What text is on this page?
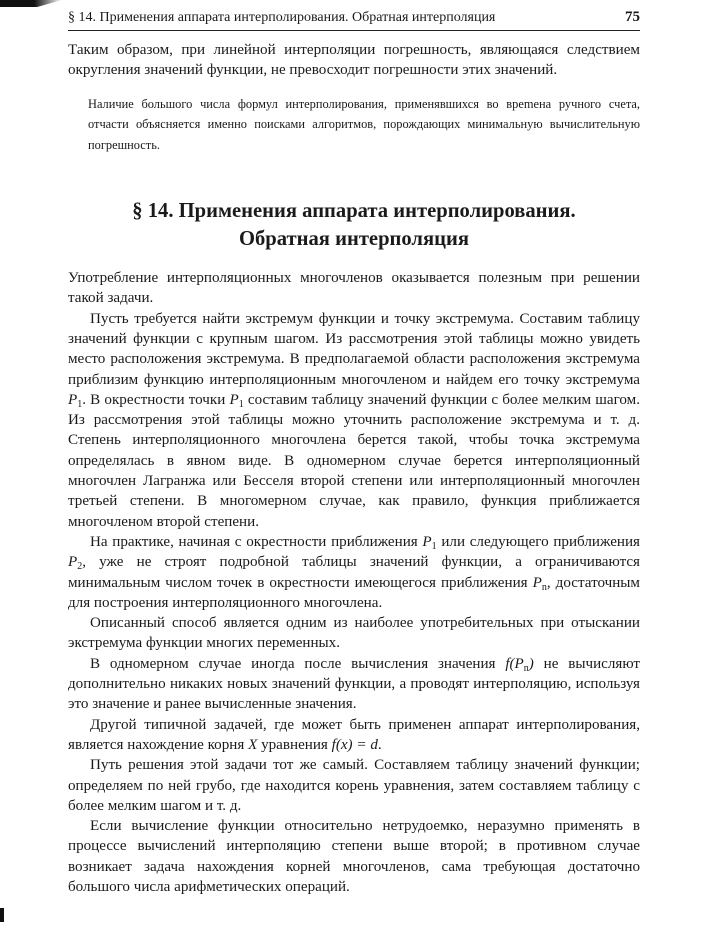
§ 14. Применения аппарата интерполирования. Обратная интерполяция	75

Таким образом, при линейной интерполяции погрешность, являющаяся следствием округления значений функции, не превосходит погрешности этих значений.

Наличие большого числа формул интерполирования, применявшихся во вреmена ручного счета, отчасти объясняется именно поисками алгоритмов, порождающих минимальную вычислительную погрешность.

§ 14. Применения аппарата интерполирования.
Обратная интерполяция

Употребление интерполяционных многочленов оказывается полезным при решении такой задачи.

Пусть требуется найти экстремум функции и точку экстремума. Составим таблицу значений функции с крупным шагом. Из рассмотрения этой таблицы можно увидеть место расположения экстремума. В предполагаемой области расположения экстремума приблизим функцию интерполяционным многочленом и найдем его точку экстремума $P_1$. В окрестности точки $P_1$ составим таблицу значений функции с более мелким шагом. Из рассмотрения этой таблицы можно уточнить расположение экстремума и т. д. Степень интерполяционного многочлена берется такой, чтобы точка экстремума определялась в явном виде. В одномерном случае берется интерполяционный многочлен Лагранжа или Бесселя второй степени или интерполяционный многочлен третьей степени. В многомерном случае, как правило, функция приближается многочленом второй степени.

На практике, начиная с окрестности приближения $P_1$ или следующего приближения $P_2$, уже не строят подробной таблицы значений функции, а ограничиваются минимальным числом точек в окрестности имеющегося приближения $P_n$, достаточным для построения интерполяционного многочлена.

Описанный способ является одним из наиболее употребительных при отыскании экстремума функции многих переменных.

В одномерном случае иногда после вычисления значения $f(P_n)$ не вычисляют дополнительно никаких новых значений функции, а проводят интерполяцию, используя это значение и ранее вычисленные значения.

Другой типичной задачей, где может быть применен аппарат интерполирования, является нахождение корня X уравнения f(x) = d.

Путь решения этой задачи тот же самый. Составляем таблицу значений функции; определяем по ней грубо, где находится корень уравнения, затем составляем таблицу с более мелким шагом и т. д.

Если вычисление функции относительно нетрудоемко, неразумно применять в процессе вычислений интерполяцию степени выше второй; в противном случае возникает задача нахождения корней многочленов, сама требующая достаточно большого числа арифметических операций.
